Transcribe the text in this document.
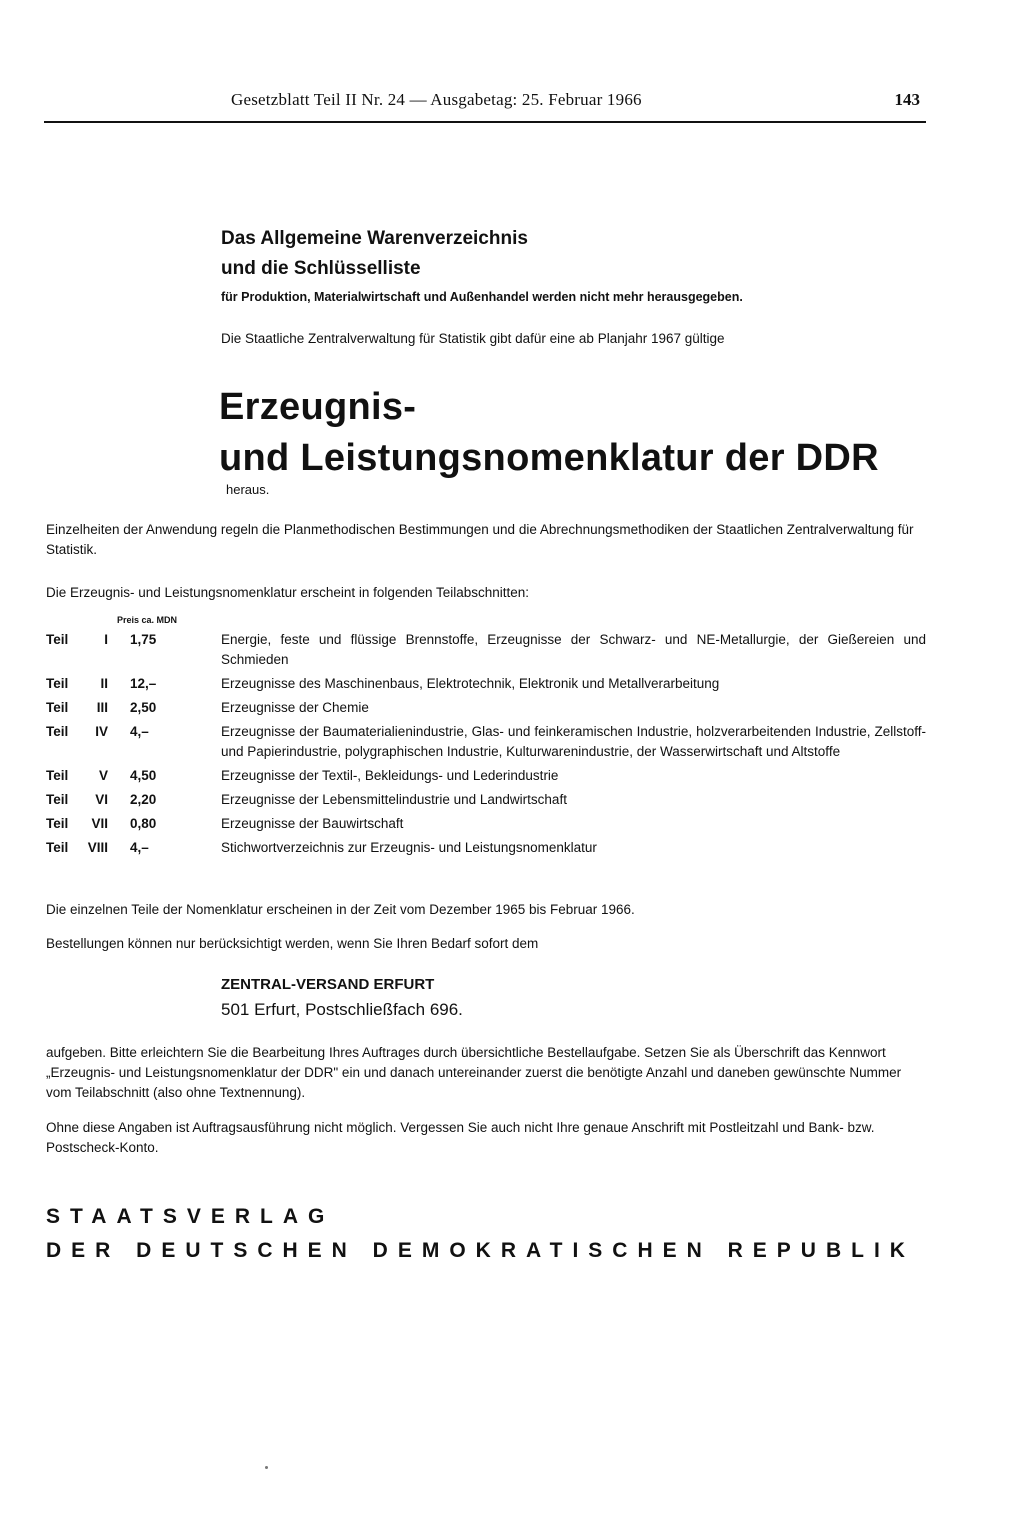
Gesetzblatt Teil II Nr. 24 — Ausgabetag: 25. Februar 1966	143
Das Allgemeine Warenverzeichnis
und die Schlüsselliste
für Produktion, Materialwirtschaft und Außenhandel werden nicht mehr herausgegeben.
Die Staatliche Zentralverwaltung für Statistik gibt dafür eine ab Planjahr 1967 gültige
Erzeugnis-
und Leistungsnomenklatur der DDR
heraus.
Einzelheiten der Anwendung regeln die Planmethodischen Bestimmungen und die Abrechnungsmethodiken der Staatlichen Zentralverwaltung für Statistik.
Die Erzeugnis- und Leistungsnomenklatur erscheint in folgenden Teilabschnitten:
Preis ca. MDN
Teil	I 1,75	Energie, feste und flüssige Brennstoffe, Erzeugnisse der Schwarz- und NE-Metallurgie, der Gießereien und Schmieden
Teil	II 12,–	Erzeugnisse des Maschinenbaus, Elektrotechnik, Elektronik und Metallverarbeitung
Teil	III 2,50	Erzeugnisse der Chemie
Teil	IV 4,–	Erzeugnisse der Baumaterialienindustrie, Glas- und feinkeramischen Industrie, holzverarbeitenden Industrie, Zellstoff- und Papierindustrie, polygraphischen Industrie, Kulturwarenindustrie, der Wasserwirtschaft und Altstoffe
Teil	V 4,50	Erzeugnisse der Textil-, Bekleidungs- und Lederindustrie
Teil	VI 2,20	Erzeugnisse der Lebensmittelindustrie und Landwirtschaft
Teil	VII 0,80	Erzeugnisse der Bauwirtschaft
Teil	VIII 4,–	Stichwortverzeichnis zur Erzeugnis- und Leistungsnomenklatur
Die einzelnen Teile der Nomenklatur erscheinen in der Zeit vom Dezember 1965 bis Februar 1966.
Bestellungen können nur berücksichtigt werden, wenn Sie Ihren Bedarf sofort dem
ZENTRAL-VERSAND ERFURT
501 Erfurt, Postschließfach 696.
aufgeben. Bitte erleichtern Sie die Bearbeitung Ihres Auftrages durch übersichtliche Bestellaufgabe. Setzen Sie als Überschrift das Kennwort „Erzeugnis- und Leistungsnomenklatur der DDR" ein und danach untereinander zuerst die benötigte Anzahl und daneben gewünschte Nummer vom Teilabschnitt (also ohne Textnennung).
Ohne diese Angaben ist Auftragsausführung nicht möglich. Vergessen Sie auch nicht Ihre genaue Anschrift mit Postleitzahl und Bank- bzw. Postscheck-Konto.
STAATSVERLAG
DER DEUTSCHEN DEMOKRATISCHEN REPUBLIK
